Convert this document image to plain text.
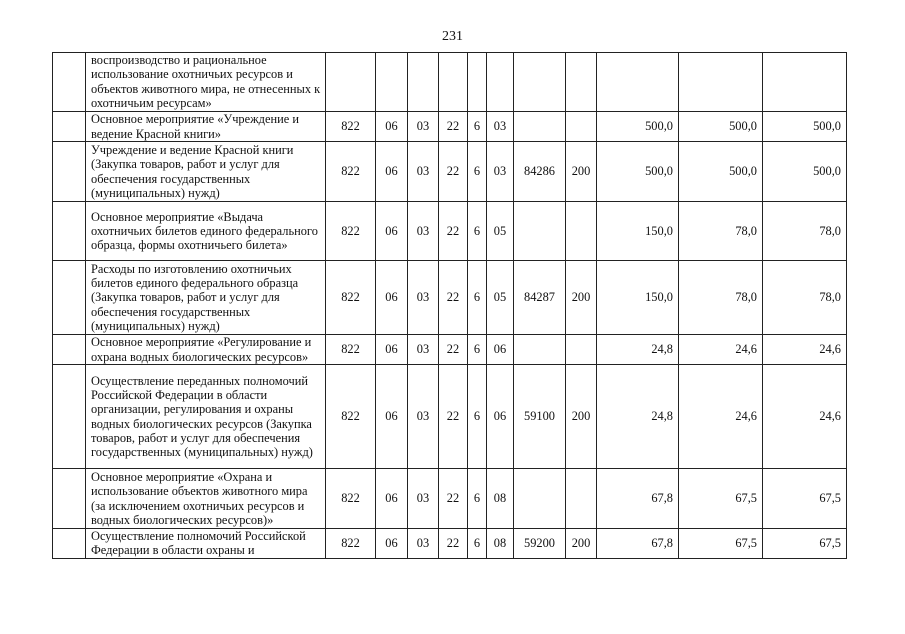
231
	воспроизводство и рациональное использование охотничьих ресурсов и объектов животного мира, не отнесенных к охотничьим ресурсам»											
	Основное мероприятие «Учреждение и ведение Красной книги»	822	06	03	22	6	03			500,0	500,0	500,0
	Учреждение и ведение Красной книги (Закупка товаров, работ и услуг для обеспечения государственных (муниципальных) нужд)	822	06	03	22	6	03	84286	200	500,0	500,0	500,0
	Основное мероприятие «Выдача охотничьих билетов единого федерального образца, формы охотничьего билета»	822	06	03	22	6	05			150,0	78,0	78,0
	Расходы по изготовлению охотничьих билетов единого федерального образца (Закупка товаров, работ и услуг для обеспечения государственных (муниципальных) нужд)	822	06	03	22	6	05	84287	200	150,0	78,0	78,0
	Основное мероприятие «Регулирование и охрана водных биологических ресурсов»	822	06	03	22	6	06			24,8	24,6	24,6
	Осуществление переданных полномочий Российской Федерации в области организации, регулирования и охраны водных биологических ресурсов (Закупка товаров, работ и услуг для обеспечения государственных (муниципальных) нужд)	822	06	03	22	6	06	59100	200	24,8	24,6	24,6
	Основное мероприятие «Охрана и использование объектов животного мира (за исключением охотничьих ресурсов и водных биологических ресурсов)»	822	06	03	22	6	08			67,8	67,5	67,5
	Осуществление полномочий Российской Федерации в области охраны и	822	06	03	22	6	08	59200	200	67,8	67,5	67,5
